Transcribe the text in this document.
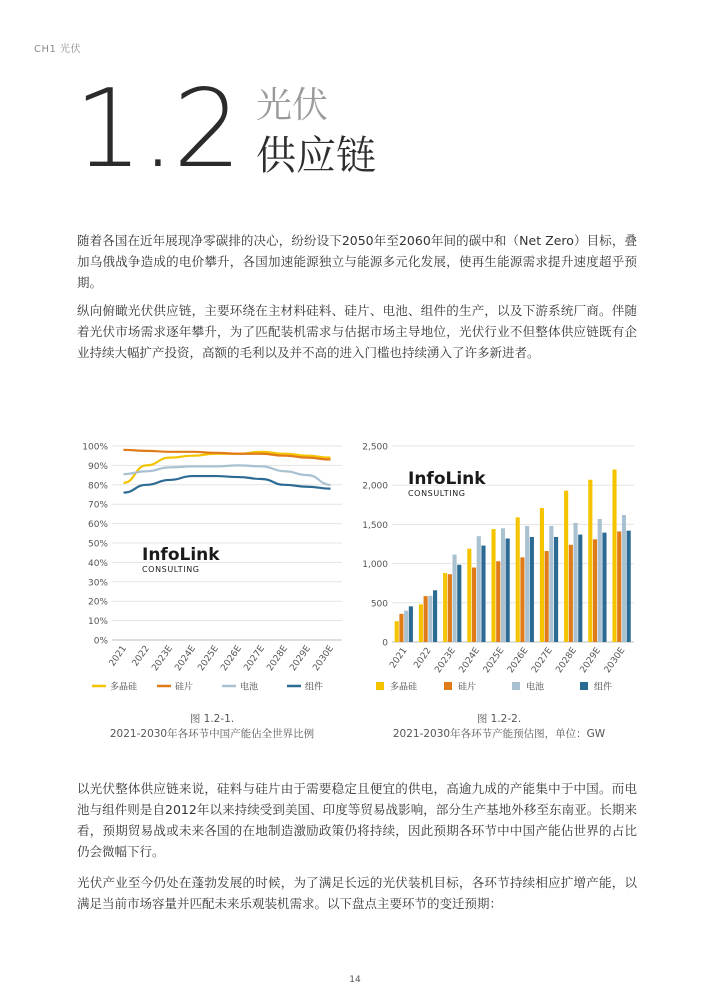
CH1 光伏
1.2 光伏
供应链

随着各国在近年展现净零碳排的决心，纷纷设下2050年至2060年间的碳中和（Net Zero）目标，叠加乌俄战争造成的电价攀升，各国加速能源独立与能源多元化发展，使再生能源需求提升速度超乎预期。

纵向俯瞰光伏供应链，主要环绕在主材料硅料、硅片、电池、组件的生产，以及下游系统厂商。伴随着光伏市场需求逐年攀升，为了匹配装机需求与估据市场主导地位，光伏行业不但整体供应链既有企业持续大幅扩产投资，高额的毛利以及并不高的进入门槛也持续湧入了许多新进者。

0%
10%
20%
30%
40%
50%
60%
70%
80%
90%
100%
2021 2022
2023E
2024E
2025E
2026E
2027E
2028E
2029E
2030E
多晶硅	硅片	电池	组件
InfoLink
CONSULTING
0
500
1,000
1,500
2,000
2,500
2021 2022 2023E 2024E 2025E 2026E 2027E 2028E 2029E 2030E
多晶硅	硅片	电池	组件
InfoLink
CONSULTING
图 1.2-1.
2021-2030年各环节中国产能佔全世界比例
图 1.2-2.
2021-2030年各环节产能预估图，单位：GW

以光伏整体供应链来说，硅料与硅片由于需要稳定且便宜的供电，高逾九成的产能集中于中国。而电池与组件则是自2012年以来持续受到美国、印度等贸易战影响，部分生产基地外移至东南亚。长期来看，预期贸易战或未来各国的在地制造激励政策仍将持续，因此预期各环节中中国产能佔世界的占比仍会微幅下行。

光伏产业至今仍处在蓬勃发展的时候，为了满足长远的光伏装机目标，各环节持续相应扩增产能，以满足当前市场容量并匹配未来乐观装机需求。以下盘点主要环节的变迁预期：

14
